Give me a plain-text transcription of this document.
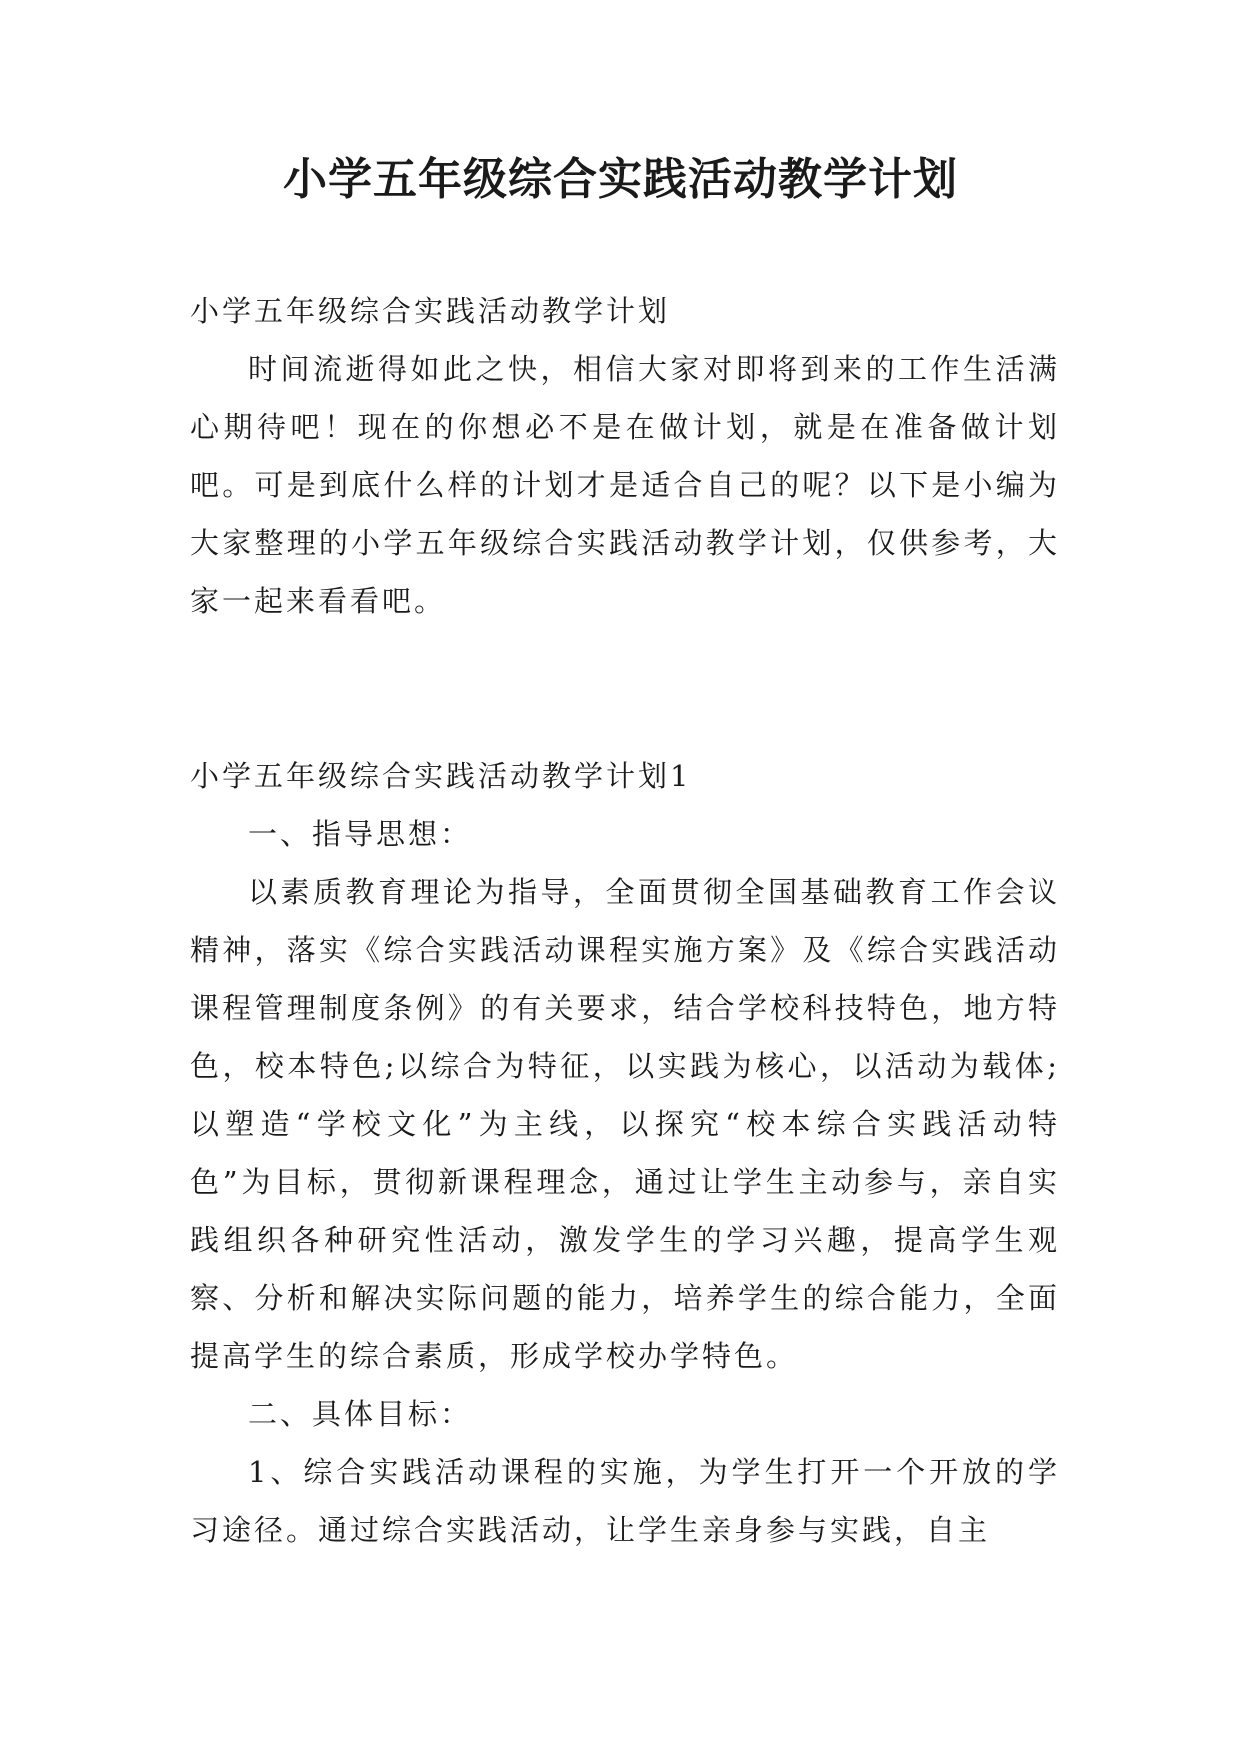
小学五年级综合实践活动教学计划

小学五年级综合实践活动教学计划

时间流逝得如此之快，相信大家对即将到来的工作生活满心期待吧！现在的你想必不是在做计划，就是在准备做计划吧。可是到底什么样的计划才是适合自己的呢？以下是小编为大家整理的小学五年级综合实践活动教学计划，仅供参考，大家一起来看看吧。

小学五年级综合实践活动教学计划1

一、指导思想：

以素质教育理论为指导，全面贯彻全国基础教育工作会议精神，落实《综合实践活动课程实施方案》及《综合实践活动课程管理制度条例》的有关要求，结合学校科技特色，地方特色，校本特色;以综合为特征，以实践为核心，以活动为载体;以塑造“学校文化”为主线，以探究“校本综合实践活动特色”为目标，贯彻新课程理念，通过让学生主动参与，亲自实践组织各种研究性活动，激发学生的学习兴趣，提高学生观察、分析和解决实际问题的能力，培养学生的综合能力，全面提高学生的综合素质，形成学校办学特色。

二、具体目标：

1、综合实践活动课程的实施，为学生打开一个开放的学习途径。通过综合实践活动，让学生亲身参与实践，自主
